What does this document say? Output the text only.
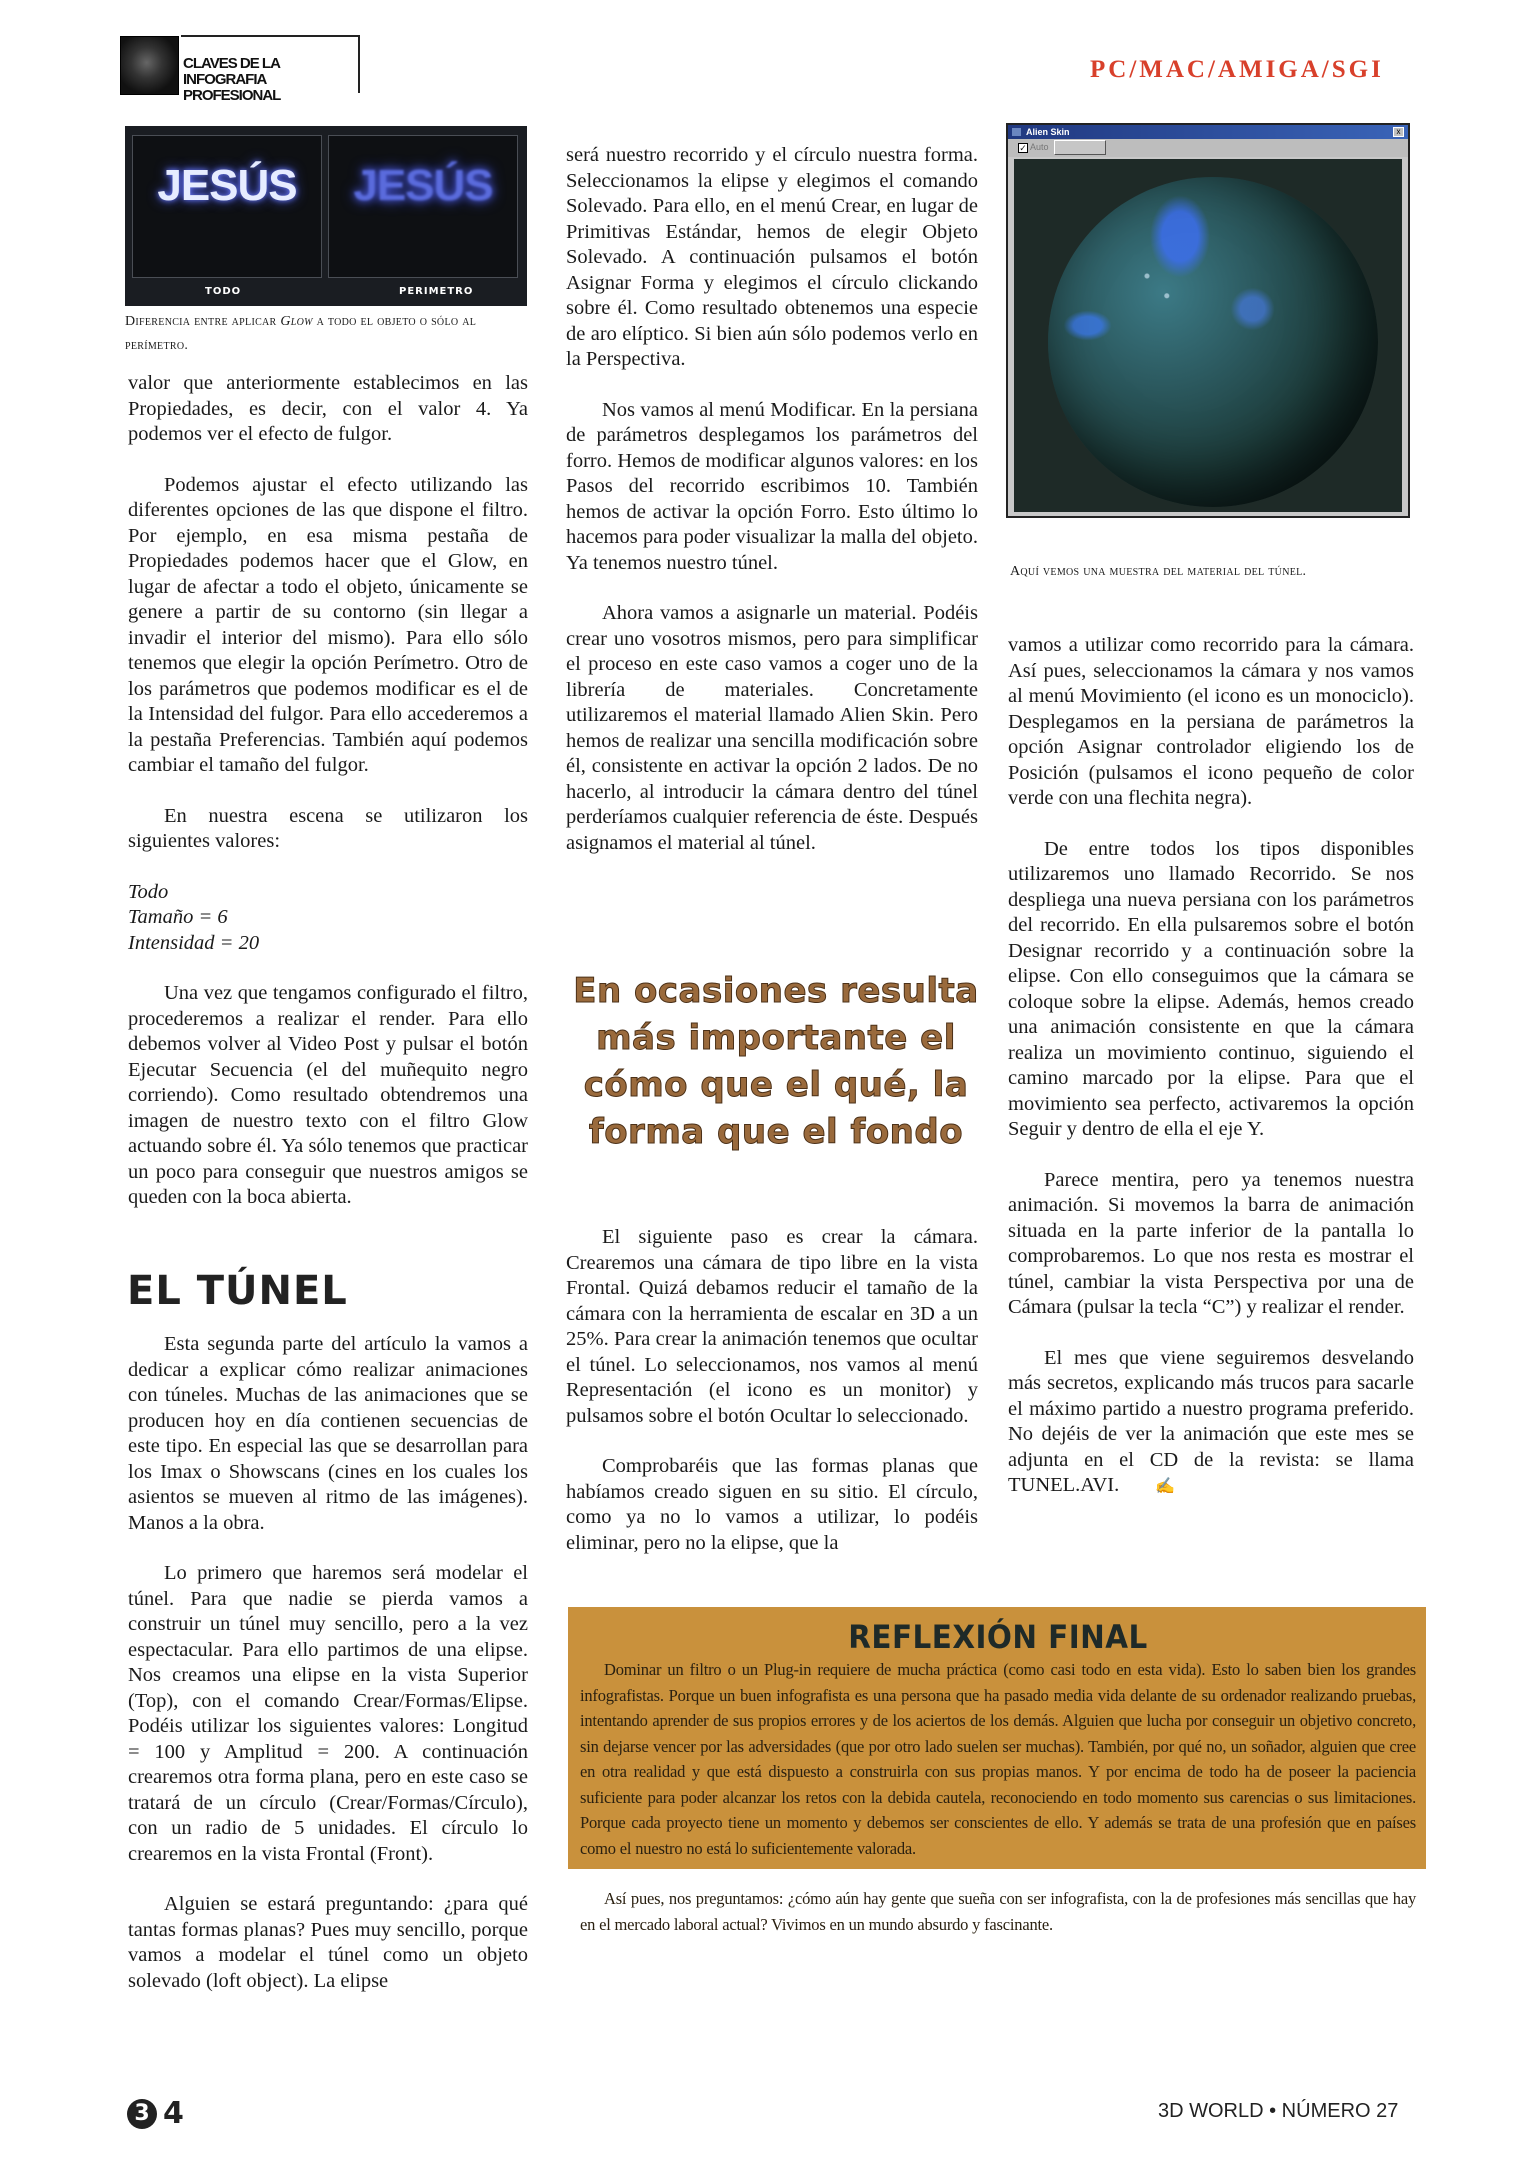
CLAVES DE LA
INFOGRAFIA PROFESIONAL
PC/MAC/AMIGA/SGI
JESÚS	JESÚS
TODO	PERIMETRO
Diferencia entre aplicar Glow a todo el objeto o sólo al perímetro.

valor que anteriormente establecimos en las Propiedades, es decir, con el valor 4. Ya podemos ver el efecto de fulgor.

Podemos ajustar el efecto utilizando las diferentes opciones de las que dispone el filtro. Por ejemplo, en esa misma pestaña de Propiedades podemos hacer que el Glow, en lugar de afectar a todo el objeto, únicamente se genere a partir de su contorno (sin llegar a invadir el interior del mismo). Para ello sólo tenemos que elegir la opción Perímetro. Otro de los parámetros que podemos modificar es el de la Intensidad del fulgor. Para ello accederemos a la pestaña Preferencias. También aquí podemos cambiar el tamaño del fulgor.

En nuestra escena se utilizaron los siguientes valores:

Todo
Tamaño = 6
Intensidad = 20

Una vez que tengamos configurado el filtro, procederemos a realizar el render. Para ello debemos volver al Video Post y pulsar el botón Ejecutar Secuencia (el del muñequito negro corriendo). Como resultado obtendremos una imagen de nuestro texto con el filtro Glow actuando sobre él. Ya sólo tenemos que practicar un poco para conseguir que nuestros amigos se queden con la boca abierta.

EL TÚNEL

Esta segunda parte del artículo la vamos a dedicar a explicar cómo realizar animaciones con túneles. Muchas de las animaciones que se producen hoy en día contienen secuencias de este tipo. En especial las que se desarrollan para los Imax o Showscans (cines en los cuales los asientos se mueven al ritmo de las imágenes). Manos a la obra.

Lo primero que haremos será modelar el túnel. Para que nadie se pierda vamos a construir un túnel muy sencillo, pero a la vez espectacular. Para ello partimos de una elipse. Nos creamos una elipse en la vista Superior (Top), con el comando Crear/Formas/Elipse. Podéis utilizar los siguientes valores: Longitud = 100 y Amplitud = 200. A continuación crearemos otra forma plana, pero en este caso se tratará de un círculo (Crear/Formas/Círculo), con un radio de 5 unidades. El círculo lo crearemos en la vista Frontal (Front).

Alguien se estará preguntando: ¿para qué tantas formas planas? Pues muy sencillo, porque vamos a modelar el túnel como un objeto solevado (loft object). La elipse

será nuestro recorrido y el círculo nuestra forma. Seleccionamos la elipse y elegimos el comando Solevado. Para ello, en el menú Crear, en lugar de Primitivas Estándar, hemos de elegir Objeto Solevado. A continuación pulsamos el botón Asignar Forma y elegimos el círculo clickando sobre él. Como resultado obtenemos una especie de aro elíptico. Si bien aún sólo podemos verlo en la Perspectiva.

Nos vamos al menú Modificar. En la persiana de parámetros desplegamos los parámetros del forro. Hemos de modificar algunos valores: en los Pasos del recorrido escribimos 10. También hemos de activar la opción Forro. Esto último lo hacemos para poder visualizar la malla del objeto. Ya tenemos nuestro túnel.

Ahora vamos a asignarle un material. Podéis crear uno vosotros mismos, pero para simplificar el proceso en este caso vamos a coger uno de la librería de materiales. Concretamente utilizaremos el material llamado Alien Skin. Pero hemos de realizar una sencilla modificación sobre él, consistente en activar la opción 2 lados. De no hacerlo, al introducir la cámara dentro del túnel perderíamos cualquier referencia de éste. Después asignamos el material al túnel.

En ocasiones resulta más importante el cómo que el qué, la forma que el fondo

El siguiente paso es crear la cámara. Crearemos una cámara de tipo libre en la vista Frontal. Quizá debamos reducir el tamaño de la cámara con la herramienta de escalar en 3D a un 25%. Para crear la animación tenemos que ocultar el túnel. Lo seleccionamos, nos vamos al menú Representación (el icono es un monitor) y pulsamos sobre el botón Ocultar lo seleccionado.

Comprobaréis que las formas planas que habíamos creado siguen en su sitio. El círculo, como ya no lo vamos a utilizar, lo podéis eliminar, pero no la elipse, que la

Alien Skin	x
✓ Auto
Aquí vemos una muestra del material del túnel.

vamos a utilizar como recorrido para la cámara. Así pues, seleccionamos la cámara y nos vamos al menú Movimiento (el icono es un monociclo). Desplegamos en la persiana de parámetros la opción Asignar controlador eligiendo los de Posición (pulsamos el icono pequeño de color verde con una flechita negra).

De entre todos los tipos disponibles utilizaremos uno llamado Recorrido. Se nos despliega una nueva persiana con los parámetros del recorrido. En ella pulsaremos sobre el botón Designar recorrido y a continuación sobre la elipse. Con ello conseguimos que la cámara se coloque sobre la elipse. Además, hemos creado una animación consistente en que la cámara realiza un movimiento continuo, siguiendo el camino marcado por la elipse. Para que el movimiento sea perfecto, activaremos la opción Seguir y dentro de ella el eje Y.

Parece mentira, pero ya tenemos nuestra animación. Si movemos la barra de animación situada en la parte inferior de la pantalla lo comprobaremos. Lo que nos resta es mostrar el túnel, cambiar la vista Perspectiva por una de Cámara (pulsar la tecla “C”) y realizar el render.

El mes que viene seguiremos desvelando más secretos, explicando más trucos para sacarle el máximo partido a nuestro programa preferido. No dejéis de ver la animación que este mes se adjunta en el CD de la revista: se llama TUNEL.AVI. ✍

REFLEXIÓN FINAL

Dominar un filtro o un Plug-in requiere de mucha práctica (como casi todo en esta vida). Esto lo saben bien los grandes infografistas. Porque un buen infografista es una persona que ha pasado media vida delante de su ordenador realizando pruebas, intentando aprender de sus propios errores y de los aciertos de los demás. Alguien que lucha por conseguir un objetivo concreto, sin dejarse vencer por las adversidades (que por otro lado suelen ser muchas). También, por qué no, un soñador, alguien que cree en otra realidad y que está dispuesto a construirla con sus propias manos. Y por encima de todo ha de poseer la paciencia suficiente para poder alcanzar los retos con la debida cautela, reconociendo en todo momento sus carencias o sus limitaciones. Porque cada proyecto tiene un momento y debemos ser conscientes de ello. Y además se trata de una profesión que en países como el nuestro no está lo suficientemente valorada.

Así pues, nos preguntamos: ¿cómo aún hay gente que sueña con ser infografista, con la de profesiones más sencillas que hay en el mercado laboral actual? Vivimos en un mundo absurdo y fascinante.

3 4	3D WORLD • NÚMERO 27
